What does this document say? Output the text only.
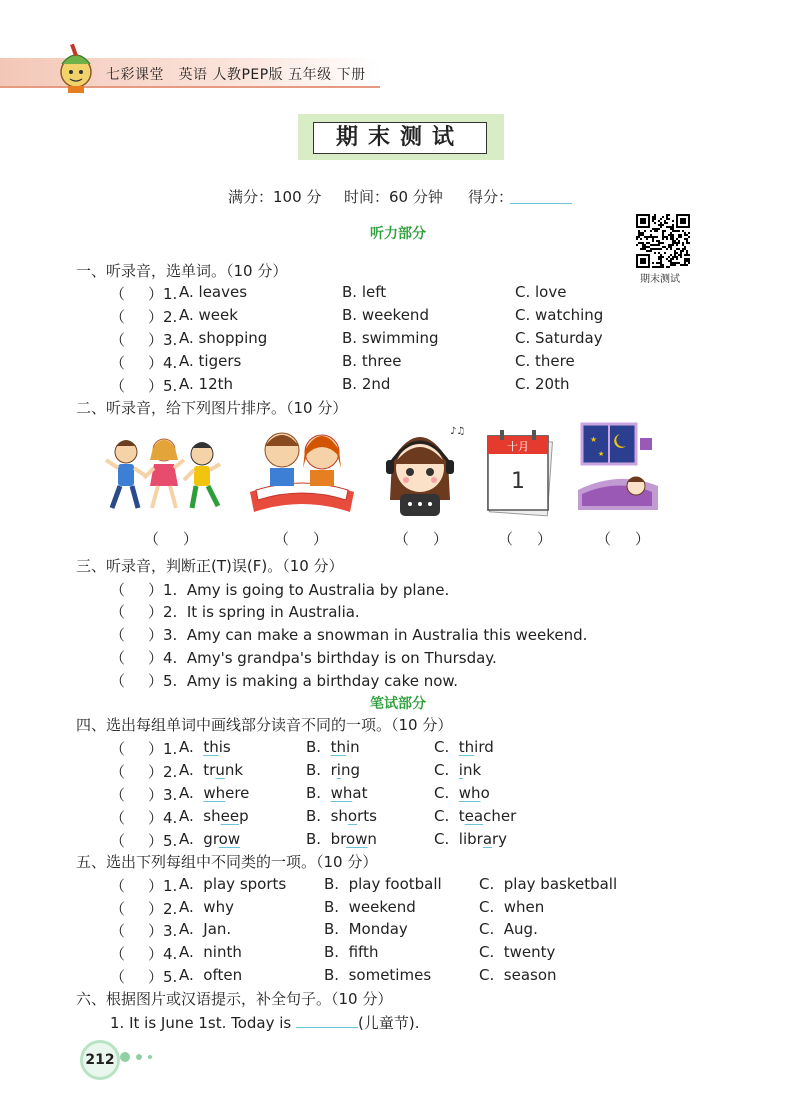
七彩课堂　英语 人教PEP版 五年级 下册
期末测试
满分：100 分 时间：60 分钟 得分：
期末测试
听力部分
一、听录音，选单词。（10 分）
（ ）1. A. leaves	B. left	C. love
（ ）2. A. week	B. weekend	C. watching
（ ）3. A. shopping	B. swimming	C. Saturday
（ ）4. A. tigers	B. three	C. there
（ ）5. A. 12th	B. 2nd	C. 20th
二、听录音，给下列图片排序。（10 分）
♪♫
十月
1
★
★
（     ）	（     ）	（     ）	（     ）	（     ）
三、听录音，判断正(T)误(F)。（10 分）
（ ）1.  Amy is going to Australia by plane.
（ ）2.  It is spring in Australia.
（ ）3.  Amy can make a snowman in Australia this weekend.
（ ）4.  Amy's grandpa's birthday is on Thursday.
（ ）5.  Amy is making a birthday cake now.
笔试部分
四、选出每组单词中画线部分读音不同的一项。（10 分）
（ ）1. A.  this	B.  thin	C.  third
（ ）2. A.  trunk	B.  ring	C.  ink
（ ）3. A.  where	B.  what	C.  who
（ ）4. A.  sheep	B.  shorts	C.  teacher
（ ）5. A.  grow	B.  brown	C.  library
五、选出下列每组中不同类的一项。（10 分）
（ ）1. A.  play sports	B.  play football C.  play basketball
（ ）2. A.  why	B.  weekend	C.  when
（ ）3. A.  Jan.	B.  Monday	C.  Aug.
（ ）4. A.  ninth	B.  fifth	C.  twenty
（ ）5. A.  often	B.  sometimes	C.  season
六、根据图片或汉语提示，补全句子。（10 分）
1. It is June 1st. Today is	(儿童节).
212
